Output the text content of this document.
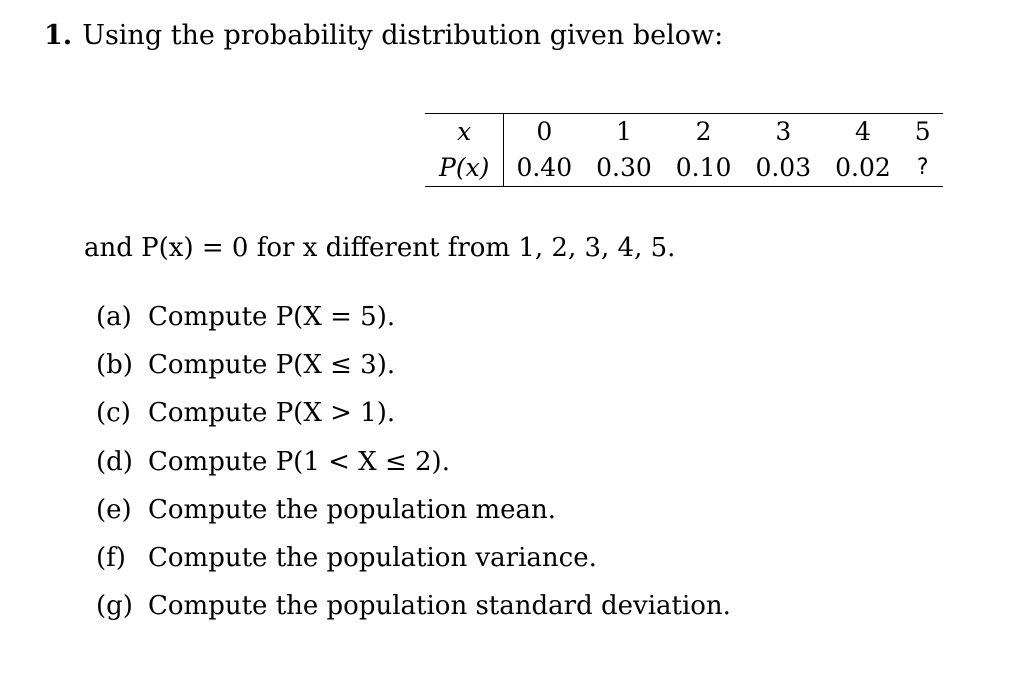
1. Using the probability distribution given below:
x	0	1	2	3	4	5
P(x)	0.40	0.30	0.10	0.03	0.02	?
and P(x) = 0 for x different from 1, 2, 3, 4, 5.
(a) Compute P(X = 5).
(b) Compute P(X ≤ 3).
(c) Compute P(X > 1).
(d) Compute P(1 < X ≤ 2).
(e) Compute the population mean.
(f) Compute the population variance.
(g) Compute the population standard deviation.
